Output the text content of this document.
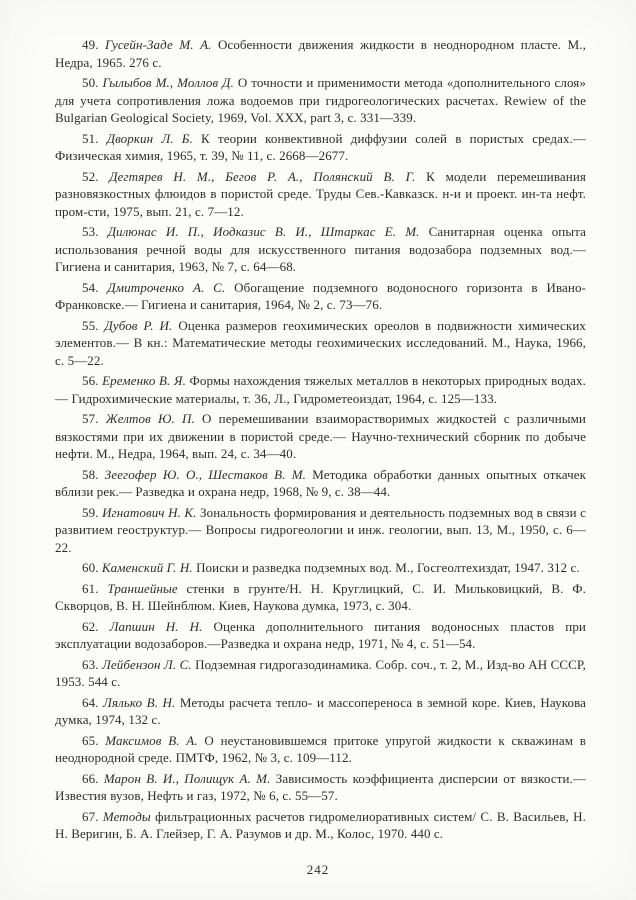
49. Гусейн-Заде М. А. Особенности движения жидкости в неоднородном пласте. М., Недра, 1965. 276 с.

50. Гылыбов М., Моллов Д. О точности и применимости метода «дополнительного слоя» для учета сопротивления ложа водоемов при гидрогеологических расчетах. Rewiew of the Bulgarian Geological Society, 1969, Vol. XXX, part 3, с. 331—339.

51. Дворкин Л. Б. К теории конвективной диффузии солей в пористых средах.—Физическая химия, 1965, т. 39, № 11, с. 2668—2677.

52. Дегтярев Н. М., Бегов Р. А., Полянский В. Г. К модели перемешивания разновязкостных флюидов в пористой среде. Труды Сев.-Кавказск. н-и и проект. ин-та нефт. пром-сти, 1975, вып. 21, с. 7—12.

53. Дилюнас И. П., Иодказис В. И., Штаркас Е. М. Санитарная оценка опыта использования речной воды для искусственного питания водозабора подземных вод.— Гигиена и санитария, 1963, № 7, с. 64—68.

54. Дмитроченко А. С. Обогащение подземного водоносного горизонта в Ивано-Франковске.— Гигиена и санитария, 1964, № 2, с. 73—76.

55. Дубов Р. И. Оценка размеров геохимических ореолов в подвижности химических элементов.— В кн.: Математические методы геохимических исследований. М., Наука, 1966, с. 5—22.

56. Еременко В. Я. Формы нахождения тяжелых металлов в некоторых природных водах.— Гидрохимические материалы, т. 36, Л., Гидрометеоиздат, 1964, с. 125—133.

57. Желтов Ю. П. О перемешивании взаиморастворимых жидкостей с различными вязкостями при их движении в пористой среде.— Научно-технический сборник по добыче нефти. М., Недра, 1964, вып. 24, с. 34—40.

58. Зеегофер Ю. О., Шестаков В. М. Методика обработки данных опытных откачек вблизи рек.— Разведка и охрана недр, 1968, № 9, с. 38—44.

59. Игнатович Н. К. Зональность формирования и деятельность подземных вод в связи с развитием геоструктур.— Вопросы гидрогеологии и инж. геологии, вып. 13, М., 1950, с. 6—22.

60. Каменский Г. Н. Поиски и разведка подземных вод. М., Госгеолтехиздат, 1947. 312 с.

61. Траншейные стенки в грунте/Н. Н. Круглицкий, С. И. Мильковицкий, В. Ф. Скворцов, В. Н. Шейнблюм. Киев, Наукова думка, 1973, с. 304.

62. Лапшин Н. Н. Оценка дополнительного питания водоносных пластов при эксплуатации водозаборов.—Разведка и охрана недр, 1971, № 4, с. 51—54.

63. Лейбензон Л. С. Подземная гидрогазодинамика. Собр. соч., т. 2, М., Изд-во АН СССР, 1953. 544 с.

64. Лялько В. Н. Методы расчета тепло- и массопереноса в земной коре. Киев, Наукова думка, 1974, 132 с.

65. Максимов В. А. О неустановившемся притоке упругой жидкости к скважинам в неоднородной среде. ПМТФ, 1962, № 3, с. 109—112.

66. Марон В. И., Полищук А. М. Зависимость коэффициента дисперсии от вязкости.— Известия вузов, Нефть и газ, 1972, № 6, с. 55—57.

67. Методы фильтрационных расчетов гидромелиоративных систем/ С. В. Васильев, Н. Н. Веригин, Б. А. Глейзер, Г. А. Разумов и др. М., Колос, 1970. 440 с.

242
